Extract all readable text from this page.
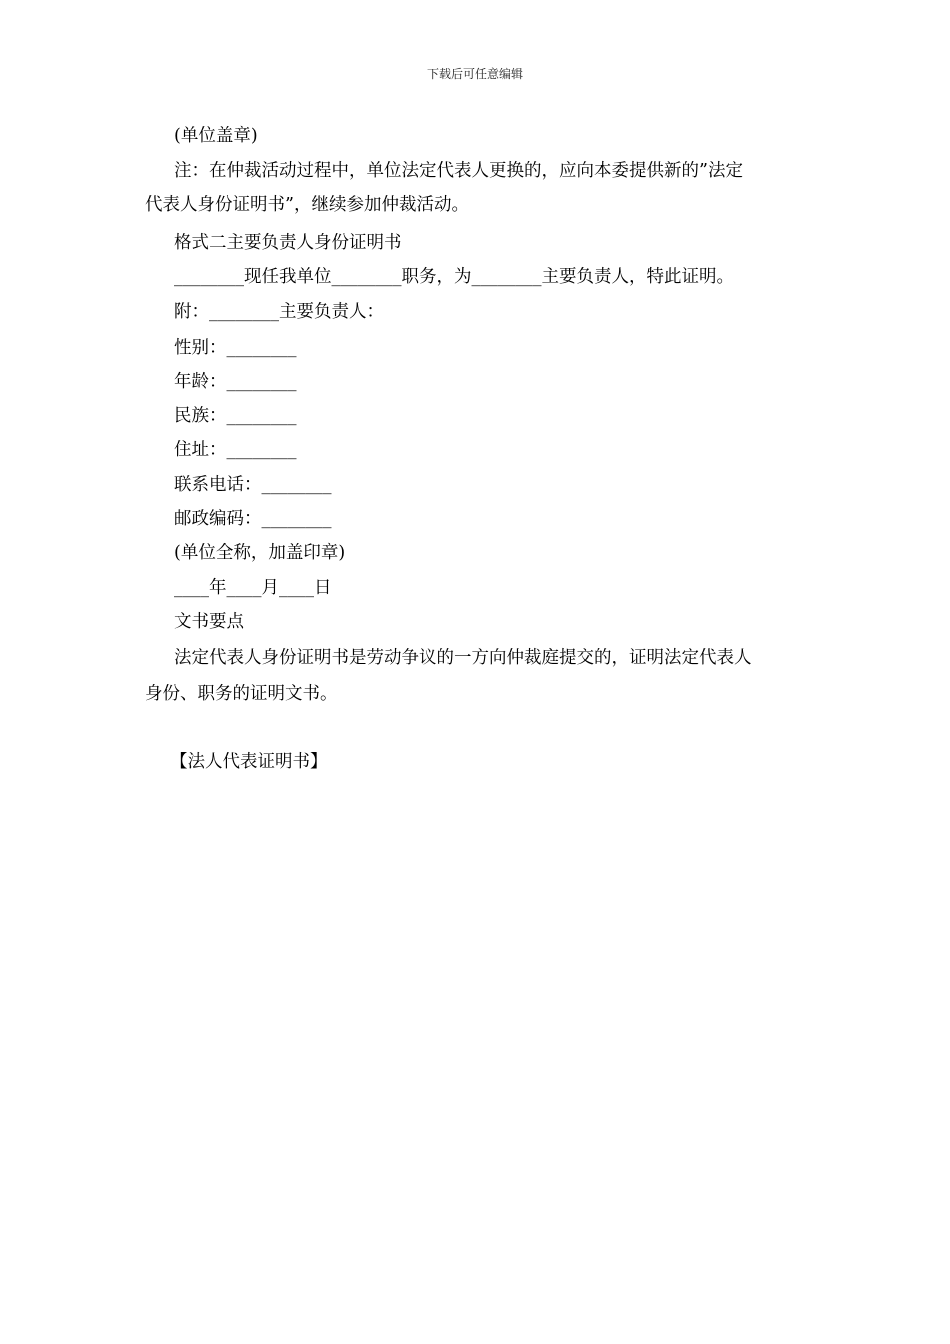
下载后可任意编辑
(单位盖章)
注：在仲裁活动过程中，单位法定代表人更换的，应向本委提供新的”法定
代表人身份证明书”，继续参加仲裁活动。
格式二主要负责人身份证明书
________现任我单位________职务，为________主要负责人，特此证明。
附：________主要负责人：
性别：________
年龄：________
民族：________
住址：________
联系电话：________
邮政编码：________
(单位全称，加盖印章)
____年____月____日
文书要点
法定代表人身份证明书是劳动争议的一方向仲裁庭提交的，证明法定代表人
身份、职务的证明文书。
【法人代表证明书】
